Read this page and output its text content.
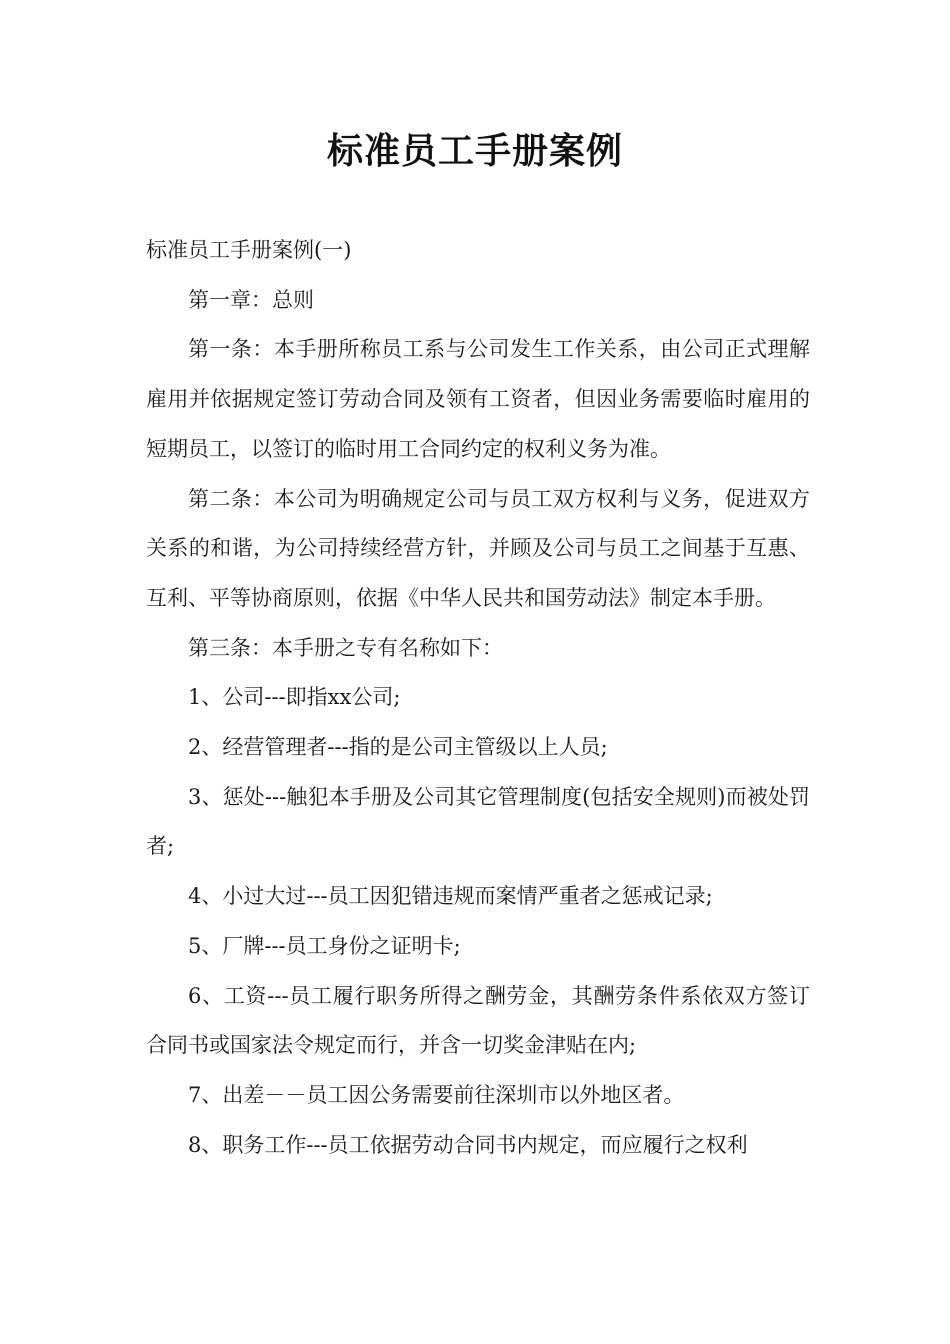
标准员工手册案例

标准员工手册案例(一)

第一章：总则

第一条：本手册所称员工系与公司发生工作关系，由公司正式理解雇用并依据规定签订劳动合同及领有工资者，但因业务需要临时雇用的短期员工，以签订的临时用工合同约定的权利义务为准。

第二条：本公司为明确规定公司与员工双方权利与义务，促进双方关系的和谐，为公司持续经营方针，并顾及公司与员工之间基于互惠、互利、平等协商原则，依据《中华人民共和国劳动法》制定本手册。

第三条：本手册之专有名称如下：

1、公司---即指xx公司;

2、经营管理者---指的是公司主管级以上人员;

3、惩处---触犯本手册及公司其它管理制度(包括安全规则)而被处罚者;

4、小过大过---员工因犯错违规而案情严重者之惩戒记录;

5、厂牌---员工身份之证明卡;

6、工资---员工履行职务所得之酬劳金，其酬劳条件系依双方签订合同书或国家法令规定而行，并含一切奖金津贴在内;

7、出差－－员工因公务需要前往深圳市以外地区者。

8、职务工作---员工依据劳动合同书内规定，而应履行之权利
